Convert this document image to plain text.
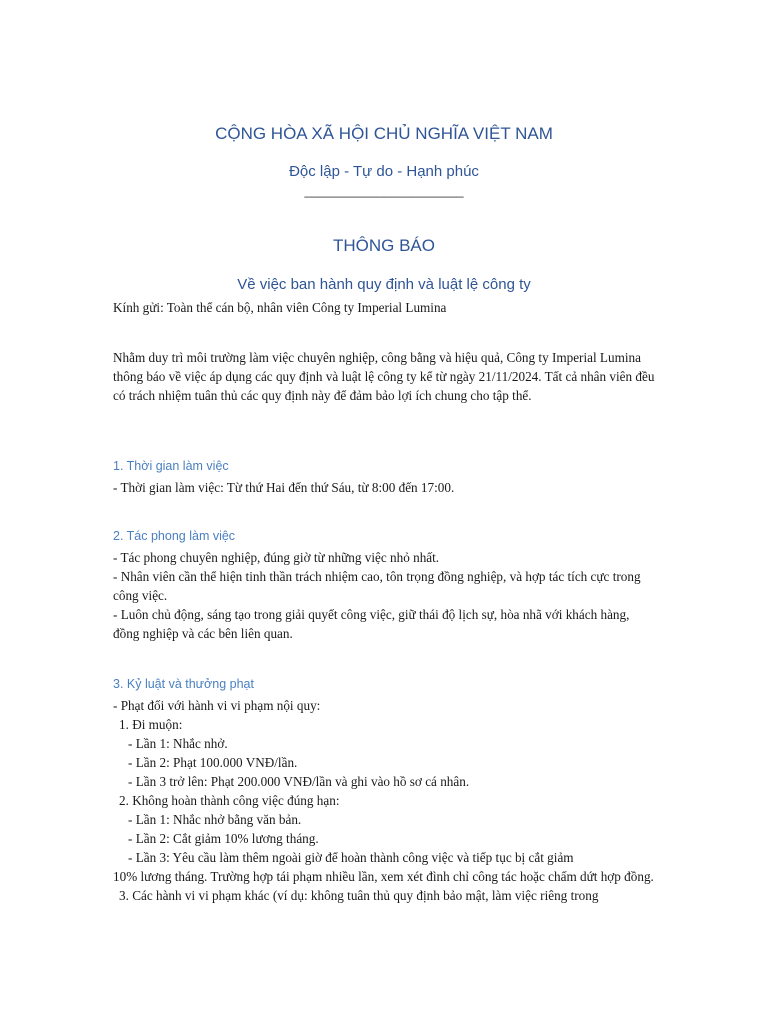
CỘNG HÒA XÃ HỘI CHỦ NGHĨA VIỆT NAM
Độc lập - Tự do - Hạnh phúc
______________________
THÔNG BÁO
Về việc ban hành quy định và luật lệ công ty
Kính gửi: Toàn thể cán bộ, nhân viên Công ty Imperial Lumina
Nhằm duy trì môi trường làm việc chuyên nghiệp, công bằng và hiệu quả, Công ty Imperial Lumina thông báo về việc áp dụng các quy định và luật lệ công ty kể từ ngày 21/11/2024. Tất cả nhân viên đều có trách nhiệm tuân thủ các quy định này để đảm bảo lợi ích chung cho tập thể.
1. Thời gian làm việc

- Thời gian làm việc: Từ thứ Hai đến thứ Sáu, từ 8:00 đến 17:00.

2. Tác phong làm việc

- Tác phong chuyên nghiệp, đúng giờ từ những việc nhỏ nhất.

- Nhân viên cần thể hiện tinh thần trách nhiệm cao, tôn trọng đồng nghiệp, và hợp tác tích cực trong công việc.

- Luôn chủ động, sáng tạo trong giải quyết công việc, giữ thái độ lịch sự, hòa nhã với khách hàng, đồng nghiệp và các bên liên quan.

3. Kỷ luật và thưởng phạt

- Phạt đối với hành vi vi phạm nội quy:

1. Đi muộn:

- Lần 1: Nhắc nhở.

- Lần 2: Phạt 100.000 VNĐ/lần.

- Lần 3 trở lên: Phạt 200.000 VNĐ/lần và ghi vào hồ sơ cá nhân.

2. Không hoàn thành công việc đúng hạn:

- Lần 1: Nhắc nhở bằng văn bản.

- Lần 2: Cắt giảm 10% lương tháng.

- Lần 3: Yêu cầu làm thêm ngoài giờ để hoàn thành công việc và tiếp tục bị cắt giảm

10% lương tháng. Trường hợp tái phạm nhiều lần, xem xét đình chỉ công tác hoặc chấm dứt hợp đồng.

3. Các hành vi vi phạm khác (ví dụ: không tuân thủ quy định bảo mật, làm việc riêng trong
